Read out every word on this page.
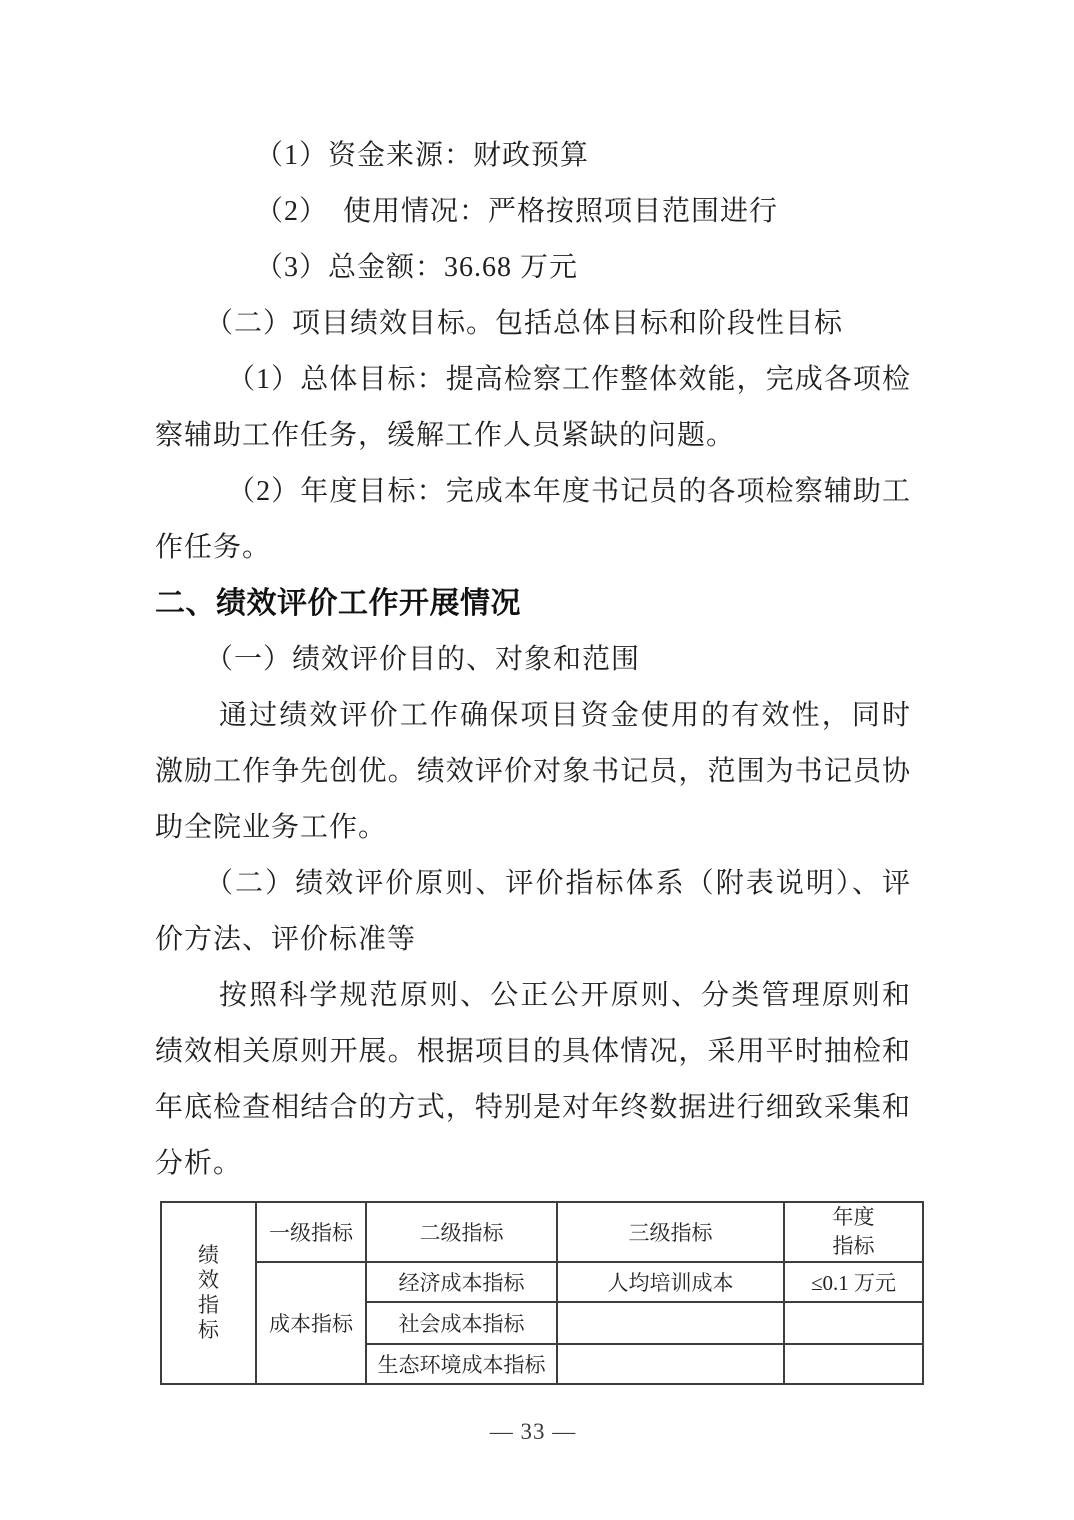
（1）资金来源：财政预算

（2）　使用情况：严格按照项目范围进行

（3）总金额：36.68 万元

（二）项目绩效目标。包括总体目标和阶段性目标

（1）总体目标：提高检察工作整体效能，完成各项检察辅助工作任务，缓解工作人员紧缺的问题。

（2）年度目标：完成本年度书记员的各项检察辅助工作任务。

二、绩效评价工作开展情况

（一）绩效评价目的、对象和范围

通过绩效评价工作确保项目资金使用的有效性，同时激励工作争先创优。绩效评价对象书记员，范围为书记员协助全院业务工作。

（二）绩效评价原则、评价指标体系（附表说明）、评价方法、评价标准等

按照科学规范原则、公正公开原则、分类管理原则和绩效相关原则开展。根据项目的具体情况，采用平时抽检和年底检查相结合的方式，特别是对年终数据进行细致采集和分析。

绩效指标	一级指标	二级指标	三级指标	年度指标

	成本指标	经济成本指标	人均培训成本	≤0.1 万元
		社会成本指标		
		生态环境成本指标		
— 33 —
